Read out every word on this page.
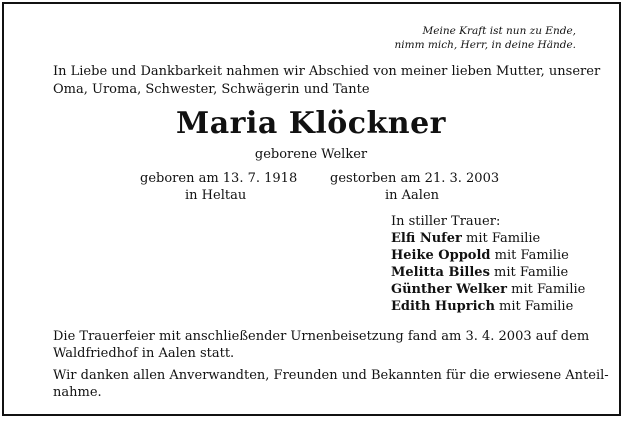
Meine Kraft ist nun zu Ende,
nimm mich, Herr, in deine Hände.
In Liebe und Dankbarkeit nahmen wir Abschied von meiner lieben Mutter, unserer
Oma, Uroma, Schwester, Schwägerin und Tante
Maria Klöckner
geborene Welker
geboren am 13. 7. 1918
in Heltau
gestorben am 21. 3. 2003
in Aalen
In stiller Trauer:
Elfi Nufer mit Familie
Heike Oppold mit Familie
Melitta Billes mit Familie
Günther Welker mit Familie
Edith Huprich mit Familie

Die Trauerfeier mit anschließender Urnenbeisetzung fand am 3. 4. 2003 auf dem
Waldfriedhof in Aalen statt.

Wir danken allen Anverwandten, Freunden und Bekannten für die erwiesene Anteil-
nahme.
